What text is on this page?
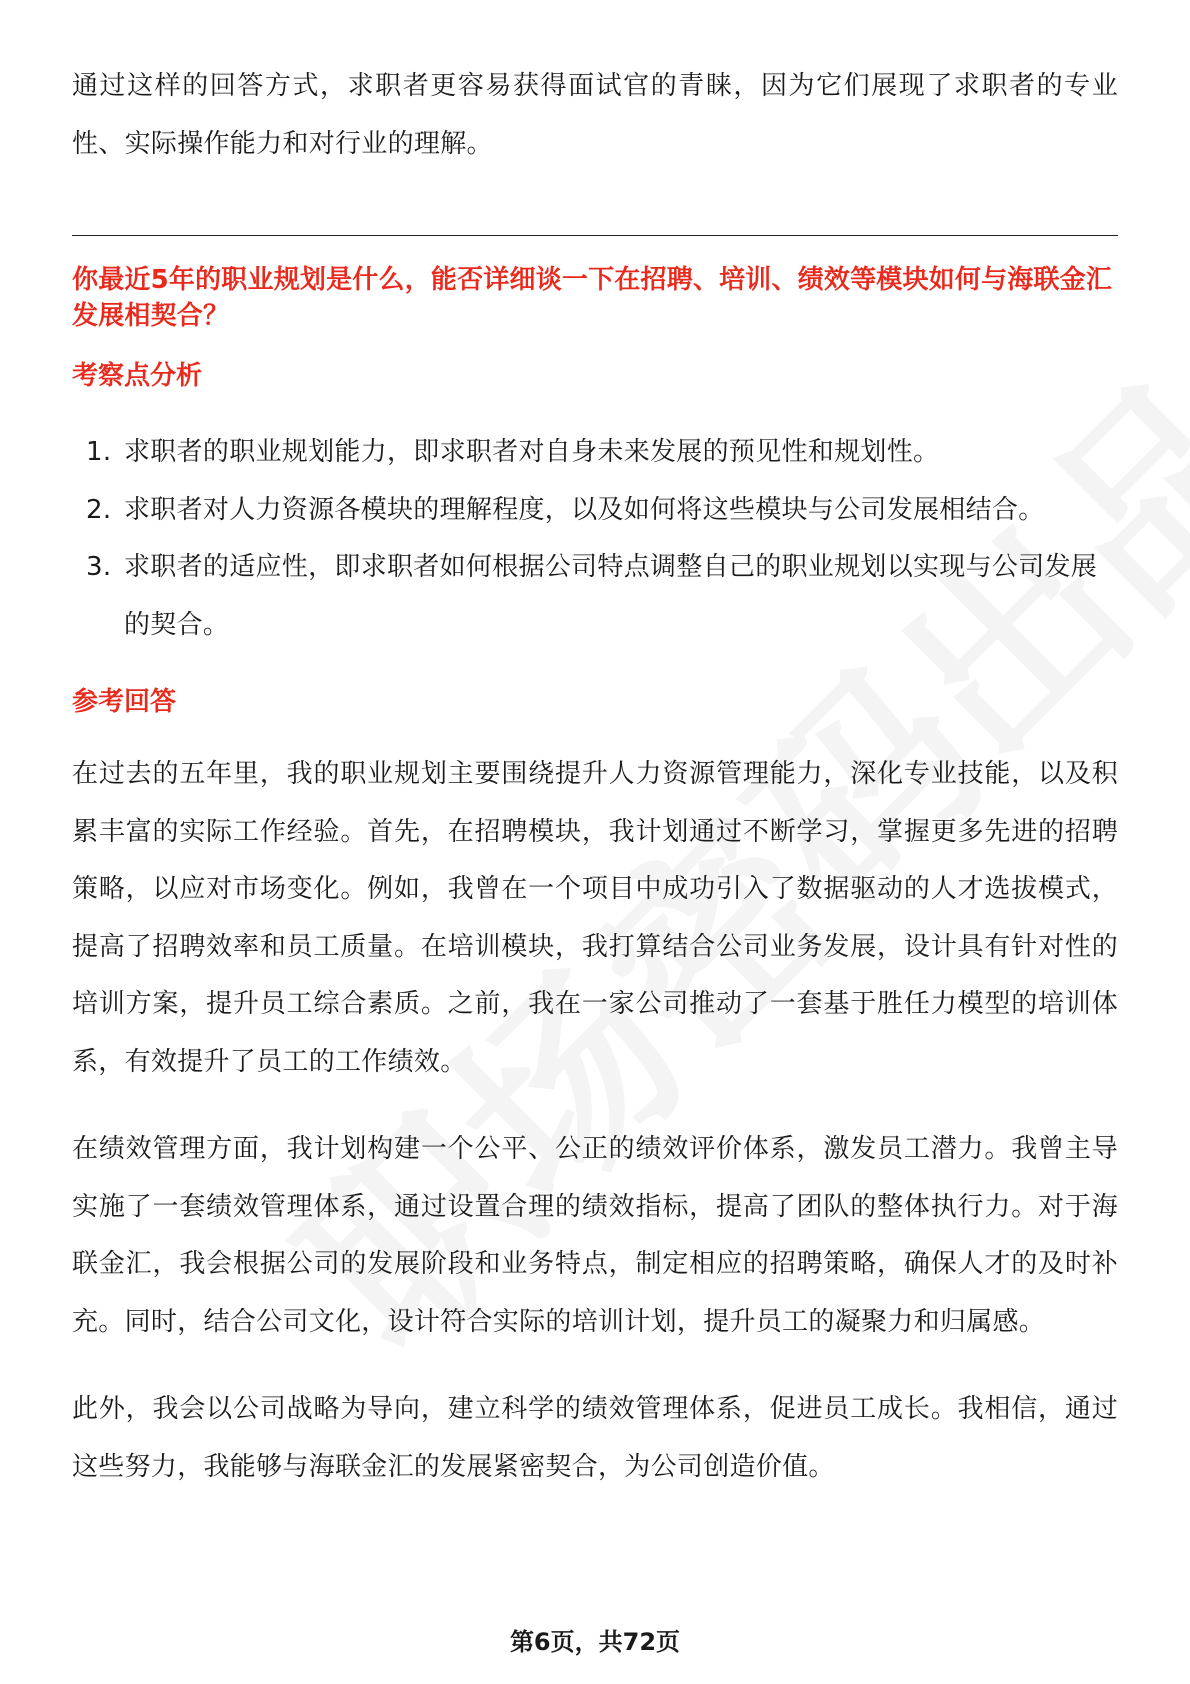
通过这样的回答方式，求职者更容易获得面试官的青睐，因为它们展现了求职者的专业性、实际操作能力和对行业的理解。

你最近5年的职业规划是什么，能否详细谈一下在招聘、培训、绩效等模块如何与海联金汇发展相契合？

考察点分析
1. 求职者的职业规划能力，即求职者对自身未来发展的预见性和规划性。
2. 求职者对人力资源各模块的理解程度，以及如何将这些模块与公司发展相结合。
3. 求职者的适应性，即求职者如何根据公司特点调整自己的职业规划以实现与公司发展的契合。
参考回答

在过去的五年里，我的职业规划主要围绕提升人力资源管理能力，深化专业技能，以及积累丰富的实际工作经验。首先，在招聘模块，我计划通过不断学习，掌握更多先进的招聘策略，以应对市场变化。例如，我曾在一个项目中成功引入了数据驱动的人才选拔模式，提高了招聘效率和员工质量。在培训模块，我打算结合公司业务发展，设计具有针对性的培训方案，提升员工综合素质。之前，我在一家公司推动了一套基于胜任力模型的培训体系，有效提升了员工的工作绩效。

在绩效管理方面，我计划构建一个公平、公正的绩效评价体系，激发员工潜力。我曾主导实施了一套绩效管理体系，通过设置合理的绩效指标，提高了团队的整体执行力。对于海联金汇，我会根据公司的发展阶段和业务特点，制定相应的招聘策略，确保人才的及时补充。同时，结合公司文化，设计符合实际的培训计划，提升员工的凝聚力和归属感。

此外，我会以公司战略为导向，建立科学的绩效管理体系，促进员工成长。我相信，通过这些努力，我能够与海联金汇的发展紧密契合，为公司创造价值。

第6页，共72页
